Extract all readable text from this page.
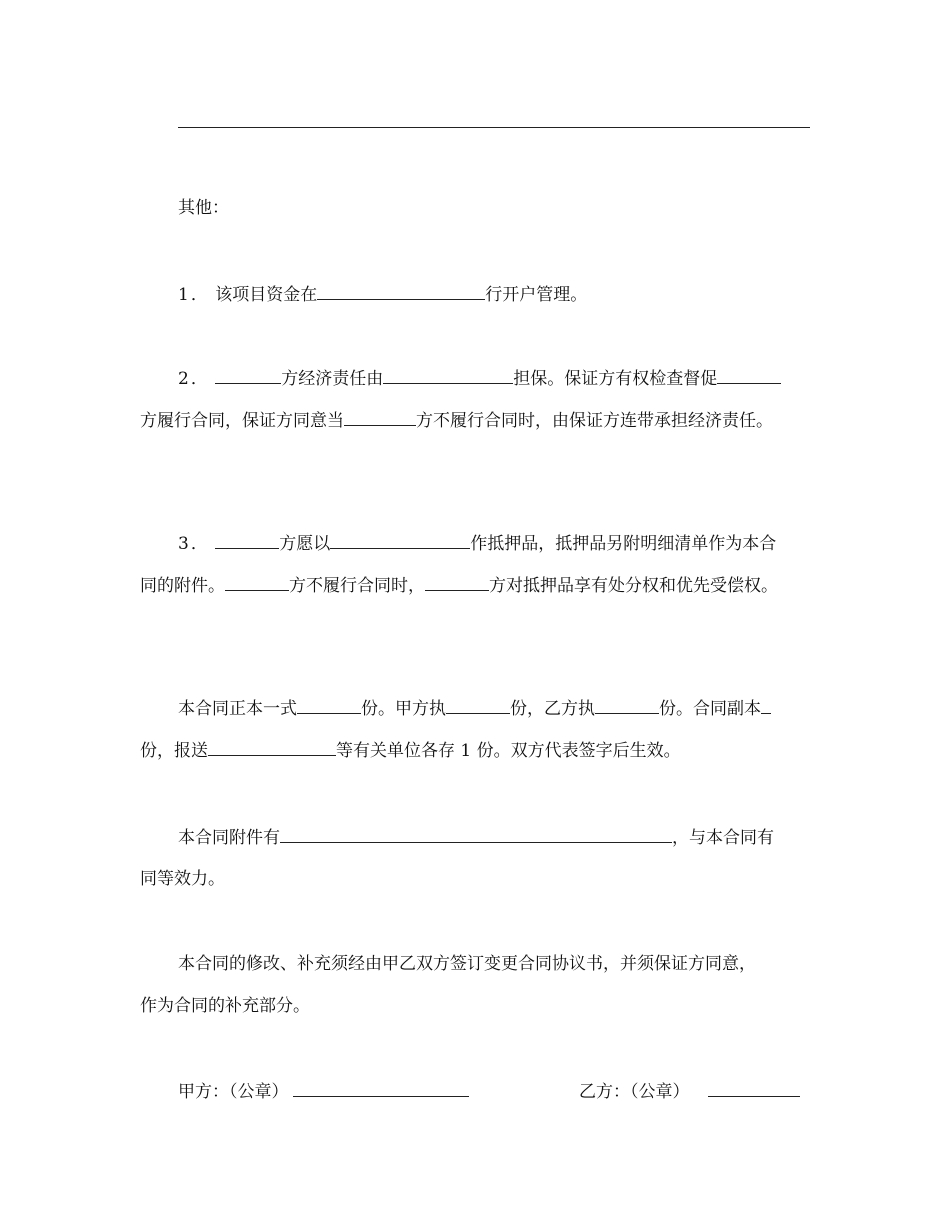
其他：
1． 该项目资金在	行开户管理。
2．	方经济责任由	担保。保证方有权检查督促
方履行合同，保证方同意当	方不履行合同时，由保证方连带承担经济责任。
3．	方愿以	作抵押品，抵押品另附明细清单作为本合
同的附件。	方不履行合同时，	方对抵押品享有处分权和优先受偿权。
本合同正本一式	份。甲方执	份，乙方执	份。合同副本
份，报送	等有关单位各存 1 份。双方代表签字后生效。
本合同附件有	，与本合同有
同等效力。
本合同的修改、补充须经由甲乙双方签订变更合同协议书，并须保证方同意，
作为合同的补充部分。
甲方：（公章）	乙方：（公章）
